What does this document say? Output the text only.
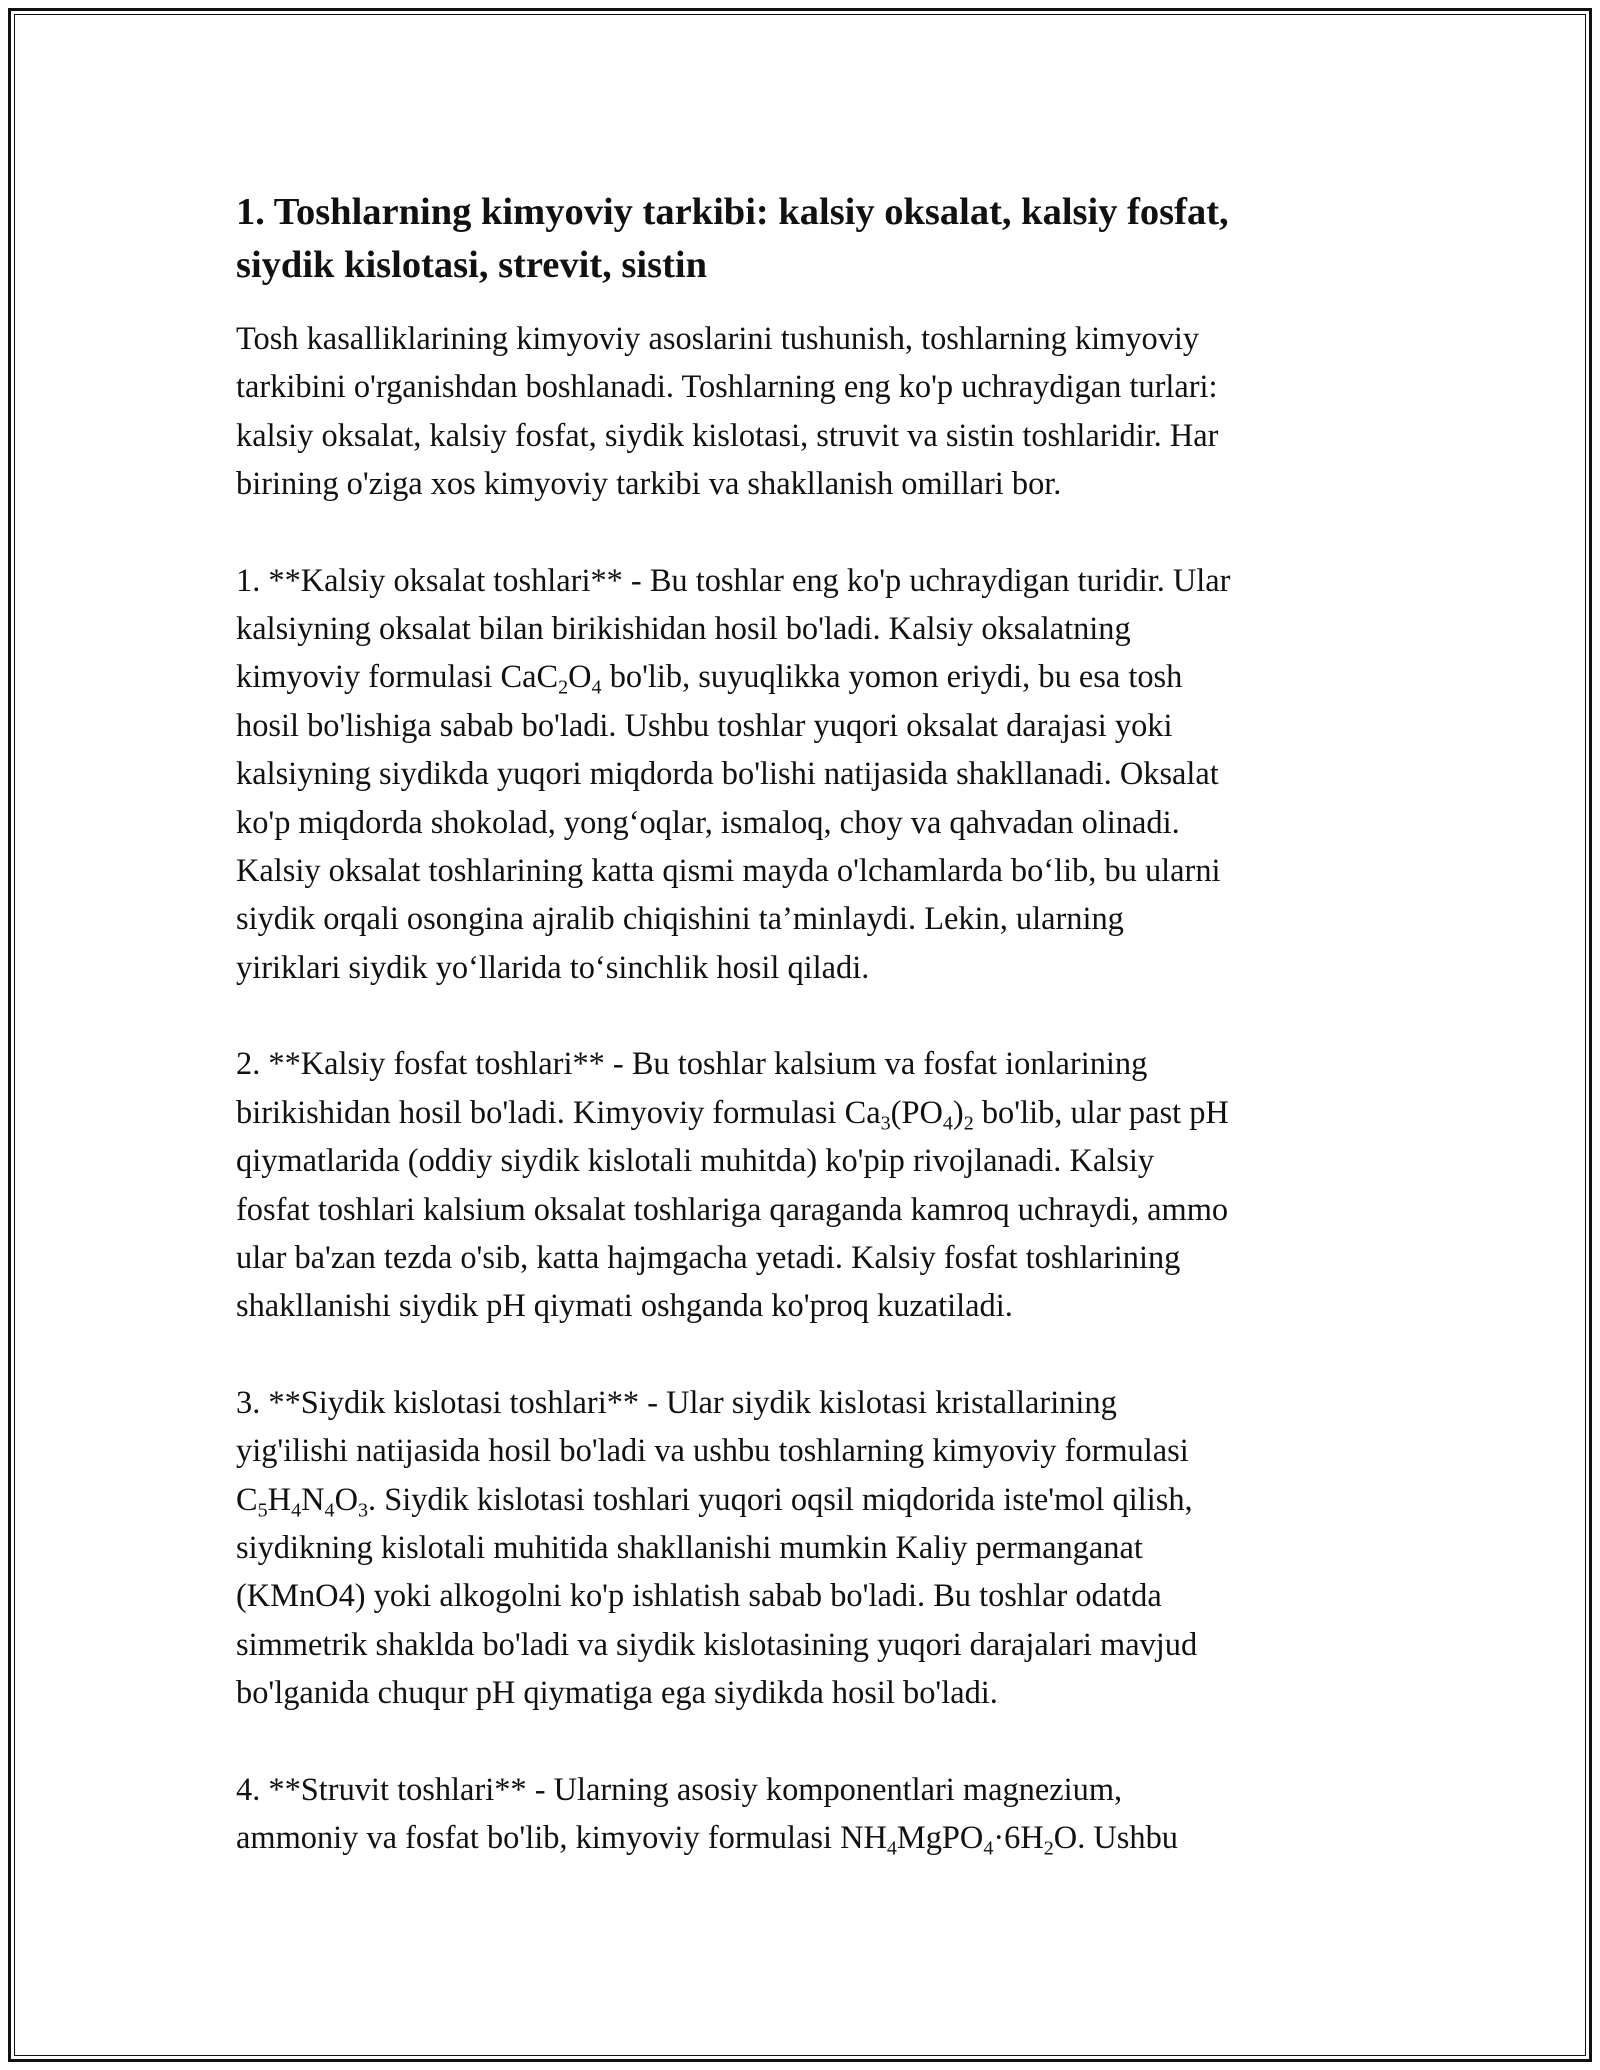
1. Toshlarning kimyoviy tarkibi: kalsiy oksalat, kalsiy fosfat,
siydik kislotasi, strevit, sistin

Tosh kasalliklarining kimyoviy asoslarini tushunish, toshlarning kimyoviy
tarkibini o'rganishdan boshlanadi. Toshlarning eng ko'p uchraydigan turlari:
kalsiy oksalat, kalsiy fosfat, siydik kislotasi, struvit va sistin toshlaridir. Har
birining o'ziga xos kimyoviy tarkibi va shakllanish omillari bor.

1. **Kalsiy oksalat toshlari** - Bu toshlar eng ko'p uchraydigan turidir. Ular
kalsiyning oksalat bilan birikishidan hosil bo'ladi. Kalsiy oksalatning
kimyoviy formulasi $CaC_2O_4$ bo'lib, suyuqlikka yomon eriydi, bu esa tosh
hosil bo'lishiga sabab bo'ladi. Ushbu toshlar yuqori oksalat darajasi yoki
kalsiyning siydikda yuqori miqdorda bo'lishi natijasida shakllanadi. Oksalat
ko'p miqdorda shokolad, yong‘oqlar, ismaloq, choy va qahvadan olinadi.
Kalsiy oksalat toshlarining katta qismi mayda o'lchamlarda bo‘lib, bu ularni
siydik orqali osongina ajralib chiqishini ta’minlaydi. Lekin, ularning
yiriklari siydik yo‘llarida to‘sinchlik hosil qiladi.

2. **Kalsiy fosfat toshlari** - Bu toshlar kalsium va fosfat ionlarining
birikishidan hosil bo'ladi. Kimyoviy formulasi $Ca_3(PO_4)_2$ bo'lib, ular past pH
qiymatlarida (oddiy siydik kislotali muhitda) ko'pip rivojlanadi. Kalsiy
fosfat toshlari kalsium oksalat toshlariga qaraganda kamroq uchraydi, ammo
ular ba'zan tezda o'sib, katta hajmgacha yetadi. Kalsiy fosfat toshlarining
shakllanishi siydik pH qiymati oshganda ko'proq kuzatiladi.

3. **Siydik kislotasi toshlari** - Ular siydik kislotasi kristallarining
yig'ilishi natijasida hosil bo'ladi va ushbu toshlarning kimyoviy formulasi
$C_5H_4N_4O_3$. Siydik kislotasi toshlari yuqori oqsil miqdorida iste'mol qilish,
siydikning kislotali muhitida shakllanishi mumkin Kaliy permanganat
(KMnO4) yoki alkogolni ko'p ishlatish sabab bo'ladi. Bu toshlar odatda
simmetrik shaklda bo'ladi va siydik kislotasining yuqori darajalari mavjud
bo'lganida chuqur pH qiymatiga ega siydikda hosil bo'ladi.

4. **Struvit toshlari** - Ularning asosiy komponentlari magnezium,
ammoniy va fosfat bo'lib, kimyoviy formulasi $NH_4MgPO_4\cdot 6H_2O$. Ushbu
